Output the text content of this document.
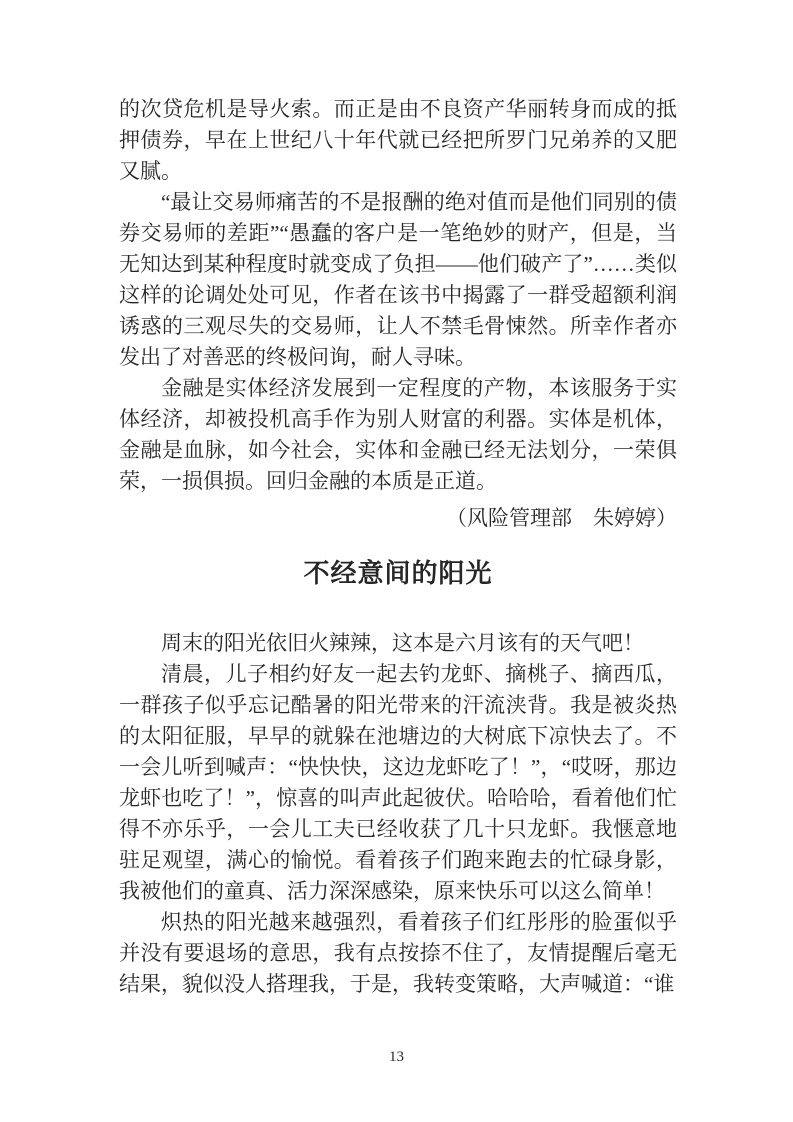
的次贷危机是导火索。而正是由不良资产华丽转身而成的抵押债券，早在上世纪八十年代就已经把所罗门兄弟养的又肥又腻。

“最让交易师痛苦的不是报酬的绝对值而是他们同别的债券交易师的差距”“愚蠢的客户是一笔绝妙的财产，但是，当无知达到某种程度时就变成了负担——他们破产了”……类似这样的论调处处可见，作者在该书中揭露了一群受超额利润诱惑的三观尽失的交易师，让人不禁毛骨悚然。所幸作者亦发出了对善恶的终极问询，耐人寻味。

金融是实体经济发展到一定程度的产物，本该服务于实体经济，却被投机高手作为别人财富的利器。实体是机体，金融是血脉，如今社会，实体和金融已经无法划分，一荣俱荣，一损俱损。回归金融的本质是正道。

（风险管理部　朱婷婷）

不经意间的阳光

周末的阳光依旧火辣辣，这本是六月该有的天气吧！

清晨，儿子相约好友一起去钓龙虾、摘桃子、摘西瓜，一群孩子似乎忘记酷暑的阳光带来的汗流浃背。我是被炎热的太阳征服，早早的就躲在池塘边的大树底下凉快去了。不一会儿听到喊声：“快快快，这边龙虾吃了！”，“哎呀，那边龙虾也吃了！”，惊喜的叫声此起彼伏。哈哈哈，看着他们忙得不亦乐乎，一会儿工夫已经收获了几十只龙虾。我惬意地驻足观望，满心的愉悦。看着孩子们跑来跑去的忙碌身影，我被他们的童真、活力深深感染，原来快乐可以这么简单！

炽热的阳光越来越强烈，看着孩子们红彤彤的脸蛋似乎并没有要退场的意思，我有点按捺不住了，友情提醒后毫无结果，貌似没人搭理我，于是，我转变策略，大声喊道：“谁

13
